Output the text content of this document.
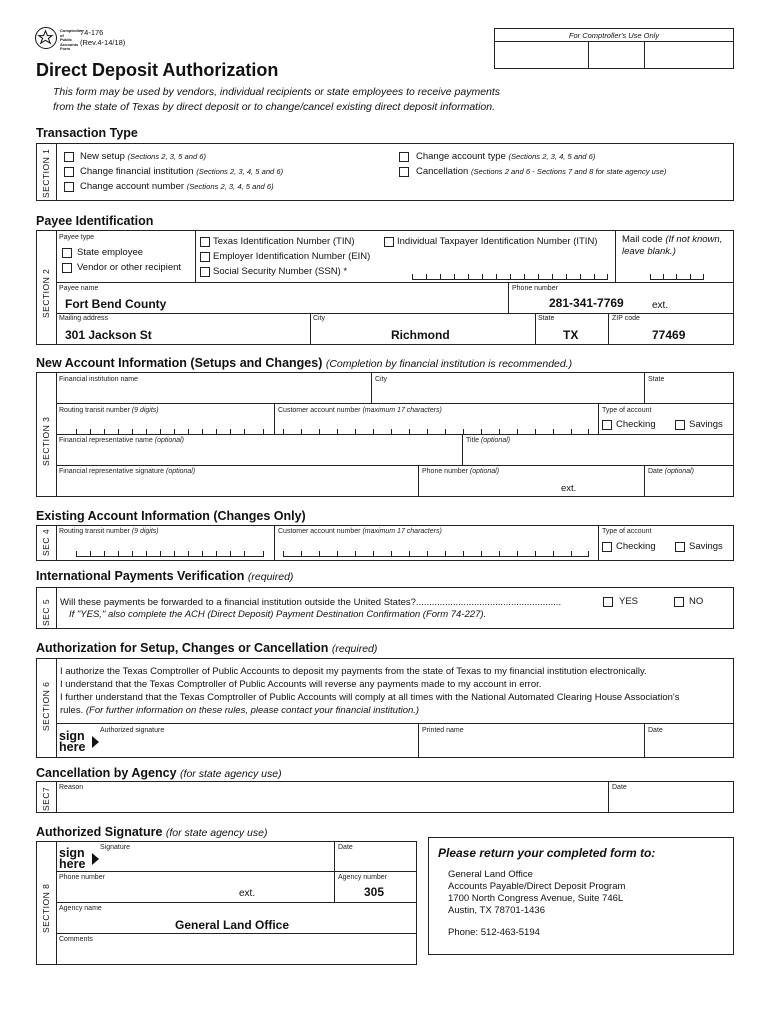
Comptroller of Public Accounts Form
74-176
(Rev.4-14/18)
For Comptroller's Use Only
Direct Deposit Authorization
This form may be used by vendors, individual recipients or state employees to receive payments
from the state of Texas by direct deposit or to change/cancel existing direct deposit information.
Transaction Type
SECTION 1	New setup (Sections 2, 3, 5 and 6)
Change financial institution (Sections 2, 3, 4, 5 and 6)
Change account number (Sections 2, 3, 4, 5 and 6)
Change account type (Sections 2, 3, 4, 5 and 6)
Cancellation (Sections 2 and 6 - Sections 7 and 8 for state agency use)
Payee Identification
SECTION 2
Payee type
State employee
Vendor or other recipient
Texas Identification Number (TIN)	Individual Taxpayer Identification Number (ITIN)
Employer Identification Number (EIN)
Social Security Number (SSN) *
Mail code (If not known,
leave blank.)
Payee name
Fort Bend County
Phone number
281-341-7769	ext.
Mailing address
301 Jackson St
City
Richmond
State
TX
ZIP code
77469
New Account Information (Setups and Changes) (Completion by financial institution is recommended.)
SECTION 3
Financial institution name	City	State
Routing transit number (9 digits)	Customer account number (maximum 17 characters)	Type of account
Checking	Savings
Financial representative name (optional)	Title (optional)
Financial representative signature (optional)	Phone number (optional)
ext.
Date (optional)
Existing Account Information (Changes Only)
SEC 4 Routing transit number (9 digits)	Customer account number (maximum 17 characters)	Type of account
Checking	Savings
International Payments Verification (required)
SEC 5 Will these payments be forwarded to a financial institution outside the United States?.......................................................	YES	NO
If "YES," also complete the ACH (Direct Deposit) Payment Destination Confirmation (Form 74-227).
Authorization for Setup, Changes or Cancellation (required)
SECTION 6
I authorize the Texas Comptroller of Public Accounts to deposit my payments from the state of Texas to my financial institution electronically.
I understand that the Texas Comptroller of Public Accounts will reverse any payments made to my account in error.
I further understand that the Texas Comptroller of Public Accounts will comply at all times with the National Automated Clearing House Association's
rules. (For further information on these rules, please contact your financial institution.)
sign
here
Authorized signature	Printed name	Date
Cancellation by Agency (for state agency use)
SEC7 Reason	Date
Authorized Signature (for state agency use)
SECTION 8
sign
here
Signature	Date
Phone number
ext.
Agency number
305
Agency name
General Land Office
Comments
Please return your completed form to:
General Land Office
Accounts Payable/Direct Deposit Program
1700 North Congress Avenue, Suite 746L
Austin, TX 78701-1436
Phone: 512-463-5194
